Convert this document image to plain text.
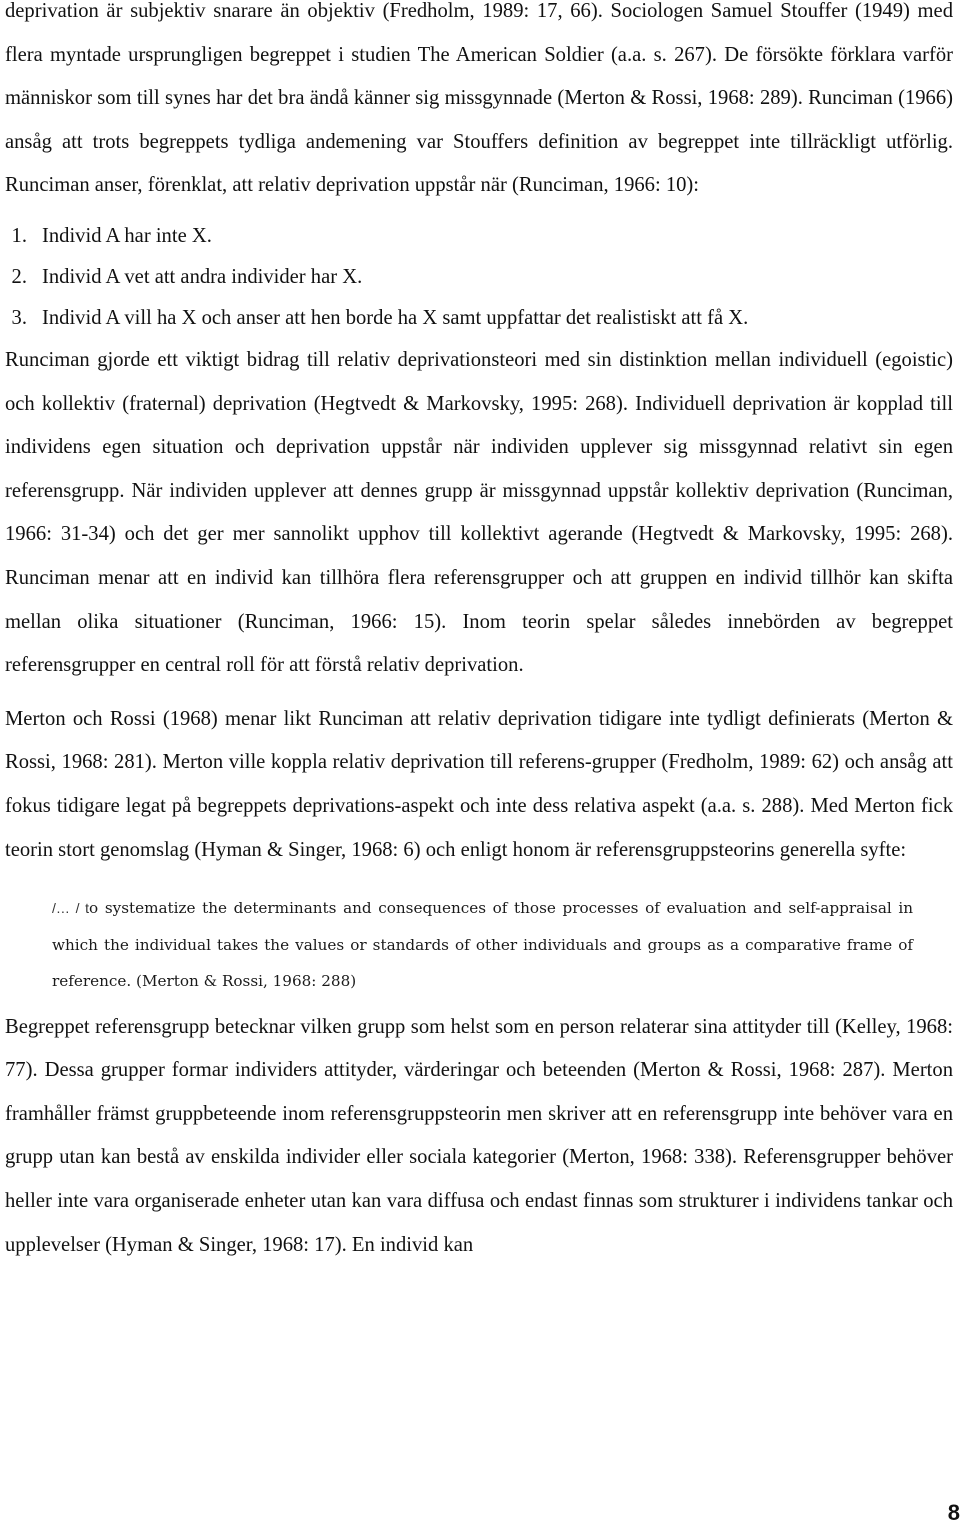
deprivation är subjektiv snarare än objektiv (Fredholm, 1989: 17, 66). Sociologen Samuel Stouffer (1949) med flera myntade ursprungligen begreppet i studien The American Soldier (a.a. s. 267). De försökte förklara varför människor som till synes har det bra ändå känner sig missgynnade (Merton & Rossi, 1968: 289). Runciman (1966) ansåg att trots begreppets tydliga andemening var Stouffers definition av begreppet inte tillräckligt utförlig. Runciman anser, förenklat, att relativ deprivation uppstår när (Runciman, 1966: 10):

1 . Individ A har inte X.
2 . Individ A vet att andra individer har X.
3 . Individ A vill ha X och anser att hen borde ha X samt uppfattar det realistiskt att få X.

Runciman gjorde ett viktigt bidrag till relativ deprivationsteori med sin distinktion mellan individuell (egoistic) och kollektiv (fraternal) deprivation (Hegtvedt & Markovsky, 1995: 268). Individuell deprivation är kopplad till individens egen situation och deprivation uppstår när individen upplever sig missgynnad relativt sin egen referensgrupp. När individen upplever att dennes grupp är missgynnad uppstår kollektiv deprivation (Runciman, 1966: 31-34) och det ger mer sannolikt upphov till kollektivt agerande (Hegtvedt & Markovsky, 1995: 268). Runciman menar att en individ kan tillhöra flera referensgrupper och att gruppen en individ tillhör kan skifta mellan olika situationer (Runciman, 1966: 15). Inom teorin spelar således innebörden av begreppet referensgrupper en central roll för att förstå relativ deprivation.

Merton och Rossi (1968) menar likt Runciman att relativ deprivation tidigare inte tydligt definierats (Merton & Rossi, 1968: 281). Merton ville koppla relativ deprivation till referens-grupper (Fredholm, 1989: 62) och ansåg att fokus tidigare legat på begreppets deprivations-aspekt och inte dess relativa aspekt (a.a. s. 288). Med Merton fick teorin stort genomslag (Hyman & Singer, 1968: 6) och enligt honom är referensgruppsteorins generella syfte:

/… / to systematize the determinants and consequences of those processes of evaluation and self-appraisal in which the individual takes the values or standards of other individuals and groups as a comparative frame of reference. (Merton & Rossi, 1968: 288)

Begreppet referensgrupp betecknar vilken grupp som helst som en person relaterar sina attityder till (Kelley, 1968: 77). Dessa grupper formar individers attityder, värderingar och beteenden (Merton & Rossi, 1968: 287). Merton framhåller främst gruppbeteende inom referensgruppsteorin men skriver att en referensgrupp inte behöver vara en grupp utan kan bestå av enskilda individer eller sociala kategorier (Merton, 1968: 338). Referensgrupper behöver heller inte vara organiserade enheter utan kan vara diffusa och endast finnas som strukturer i individens tankar och upplevelser (Hyman & Singer, 1968: 17). En individ kan

8
